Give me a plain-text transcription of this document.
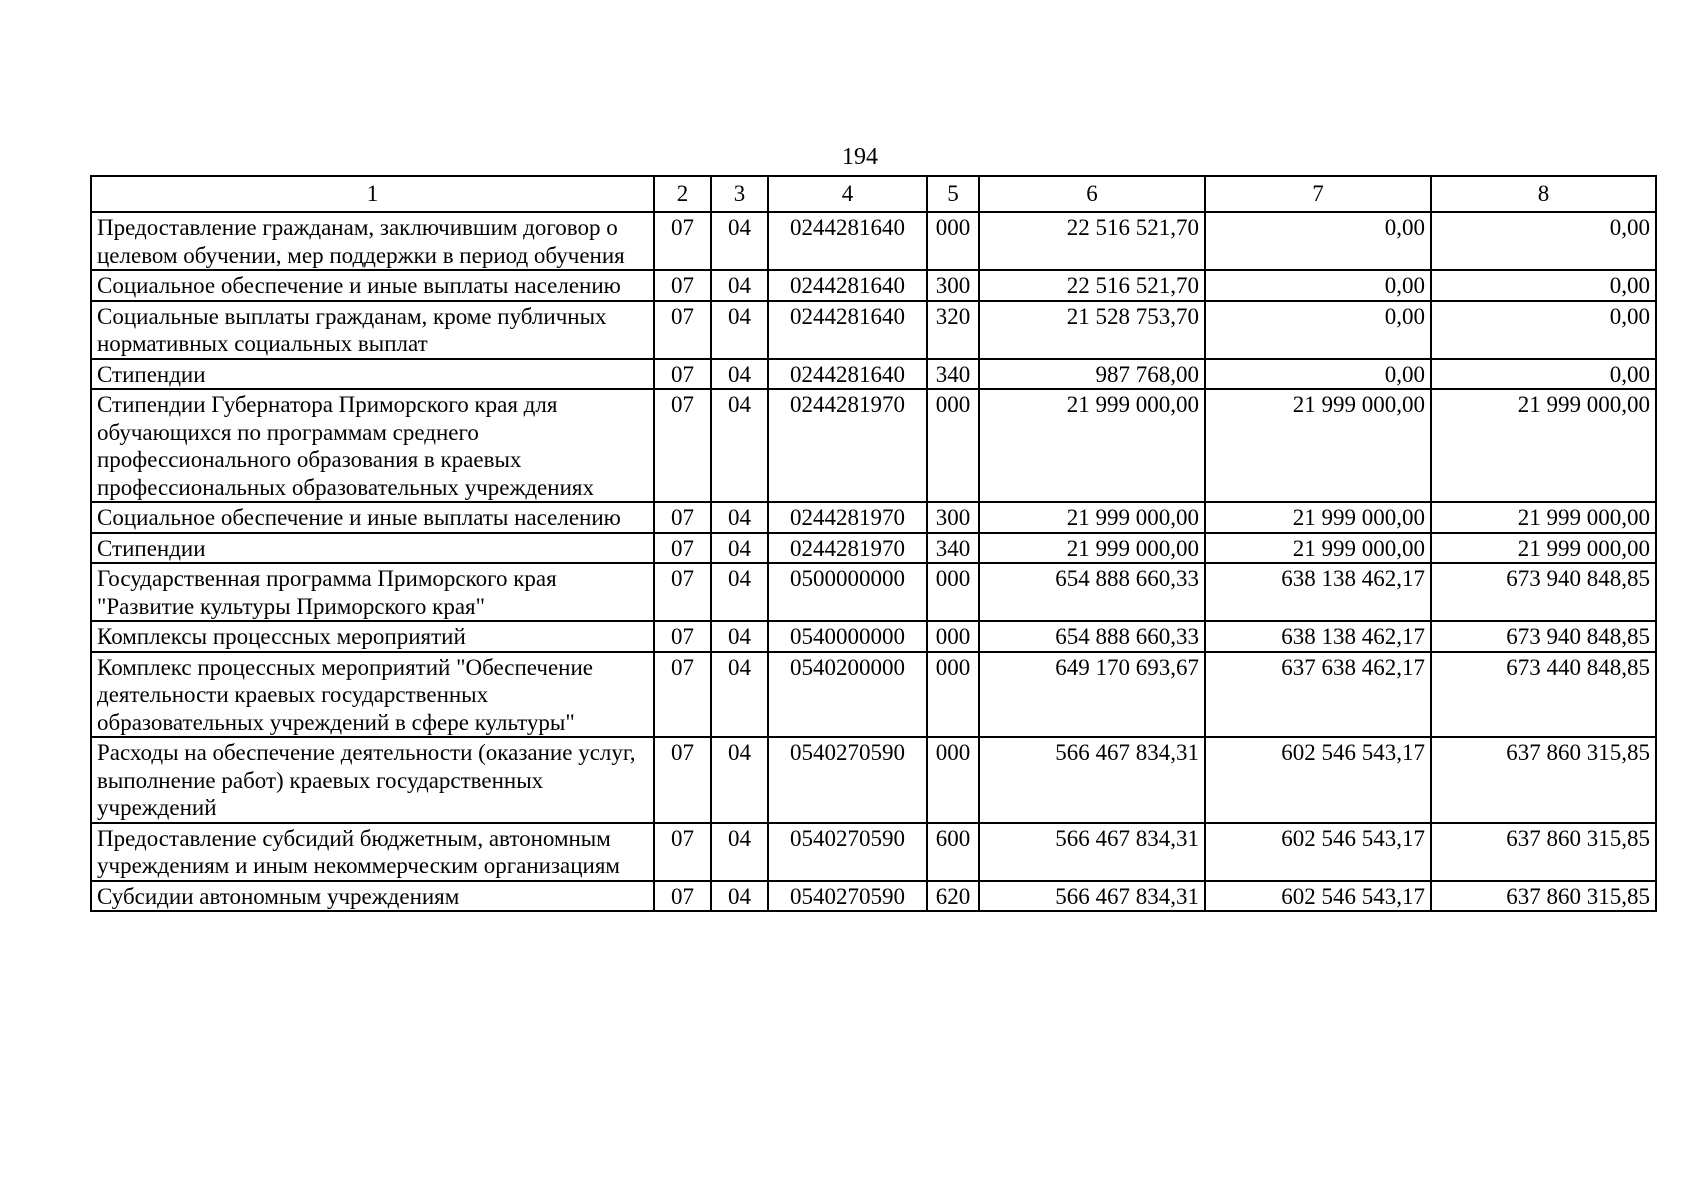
194
1	2	3	4	5	6	7	8
Предоставление гражданам, заключившим договор о целевом обучении, мер поддержки в период обучения	07	04	0244281640	000	22 516 521,70	0,00	0,00
Социальное обеспечение и иные выплаты населению	07	04	0244281640	300	22 516 521,70	0,00	0,00
Социальные выплаты гражданам, кроме публичных нормативных социальных выплат	07	04	0244281640	320	21 528 753,70	0,00	0,00
Стипендии	07	04	0244281640	340	987 768,00	0,00	0,00
Стипендии Губернатора Приморского края для обучающихся по программам среднего профессионального образования в краевых профессиональных образовательных учреждениях	07	04	0244281970	000	21 999 000,00	21 999 000,00	21 999 000,00
Социальное обеспечение и иные выплаты населению	07	04	0244281970	300	21 999 000,00	21 999 000,00	21 999 000,00
Стипендии	07	04	0244281970	340	21 999 000,00	21 999 000,00	21 999 000,00
Государственная программа Приморского края "Развитие культуры Приморского края"	07	04	0500000000	000	654 888 660,33	638 138 462,17	673 940 848,85
Комплексы процессных мероприятий	07	04	0540000000	000	654 888 660,33	638 138 462,17	673 940 848,85
Комплекс процессных мероприятий "Обеспечение деятельности краевых государственных образовательных учреждений в сфере культуры"	07	04	0540200000	000	649 170 693,67	637 638 462,17	673 440 848,85
Расходы на обеспечение деятельности (оказание услуг, выполнение работ) краевых государственных учреждений	07	04	0540270590	000	566 467 834,31	602 546 543,17	637 860 315,85
Предоставление субсидий бюджетным, автономным учреждениям и иным некоммерческим организациям	07	04	0540270590	600	566 467 834,31	602 546 543,17	637 860 315,85
Субсидии автономным учреждениям	07	04	0540270590	620	566 467 834,31	602 546 543,17	637 860 315,85
